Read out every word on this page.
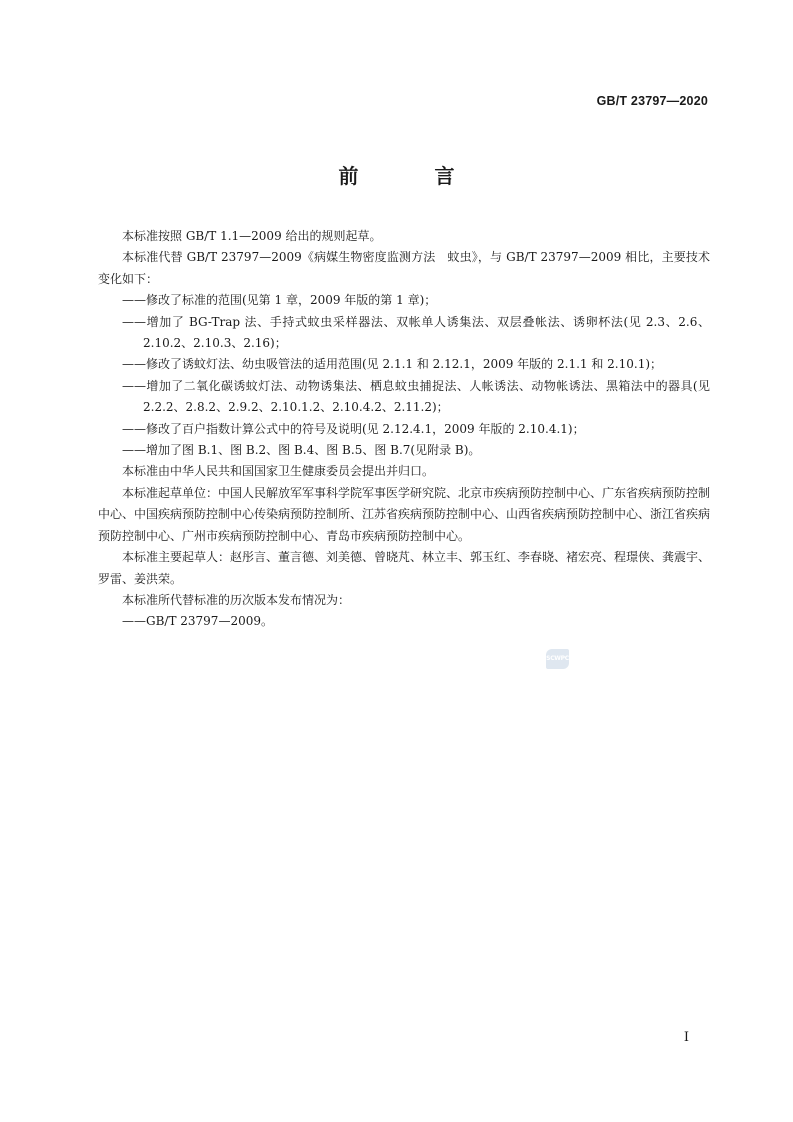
GB/T 23797—2020
前　言

本标准按照 GB/T 1.1—2009 给出的规则起草。

本标准代替 GB/T 23797—2009《病媒生物密度监测方法　蚊虫》，与 GB/T 23797—2009 相比，主要技术变化如下：

——修改了标准的范围(见第 1 章，2009 年版的第 1 章)；

——增加了 BG-Trap 法、手持式蚊虫采样器法、双帐单人诱集法、双层叠帐法、诱卵杯法(见 2.3、2.6、2.10.2、2.10.3、2.16)；

——修改了诱蚊灯法、幼虫吸管法的适用范围(见 2.1.1 和 2.12.1，2009 年版的 2.1.1 和 2.10.1)；

——增加了二氧化碳诱蚊灯法、动物诱集法、栖息蚊虫捕捉法、人帐诱法、动物帐诱法、黑箱法中的器具(见 2.2.2、2.8.2、2.9.2、2.10.1.2、2.10.4.2、2.11.2)；

——修改了百户指数计算公式中的符号及说明(见 2.12.4.1，2009 年版的 2.10.4.1)；

——增加了图 B.1、图 B.2、图 B.4、图 B.5、图 B.7(见附录 B)。

本标准由中华人民共和国国家卫生健康委员会提出并归口。

本标准起草单位：中国人民解放军军事科学院军事医学研究院、北京市疾病预防控制中心、广东省疾病预防控制中心、中国疾病预防控制中心传染病预防控制所、江苏省疾病预防控制中心、山西省疾病预防控制中心、浙江省疾病预防控制中心、广州市疾病预防控制中心、青岛市疾病预防控制中心。

本标准主要起草人：赵彤言、董言德、刘美德、曾晓芃、林立丰、郭玉红、李春晓、褚宏亮、程璟侠、龚震宇、罗雷、姜洪荣。

本标准所代替标准的历次版本发布情况为：

——GB/T 23797—2009。

SCWPC
I
